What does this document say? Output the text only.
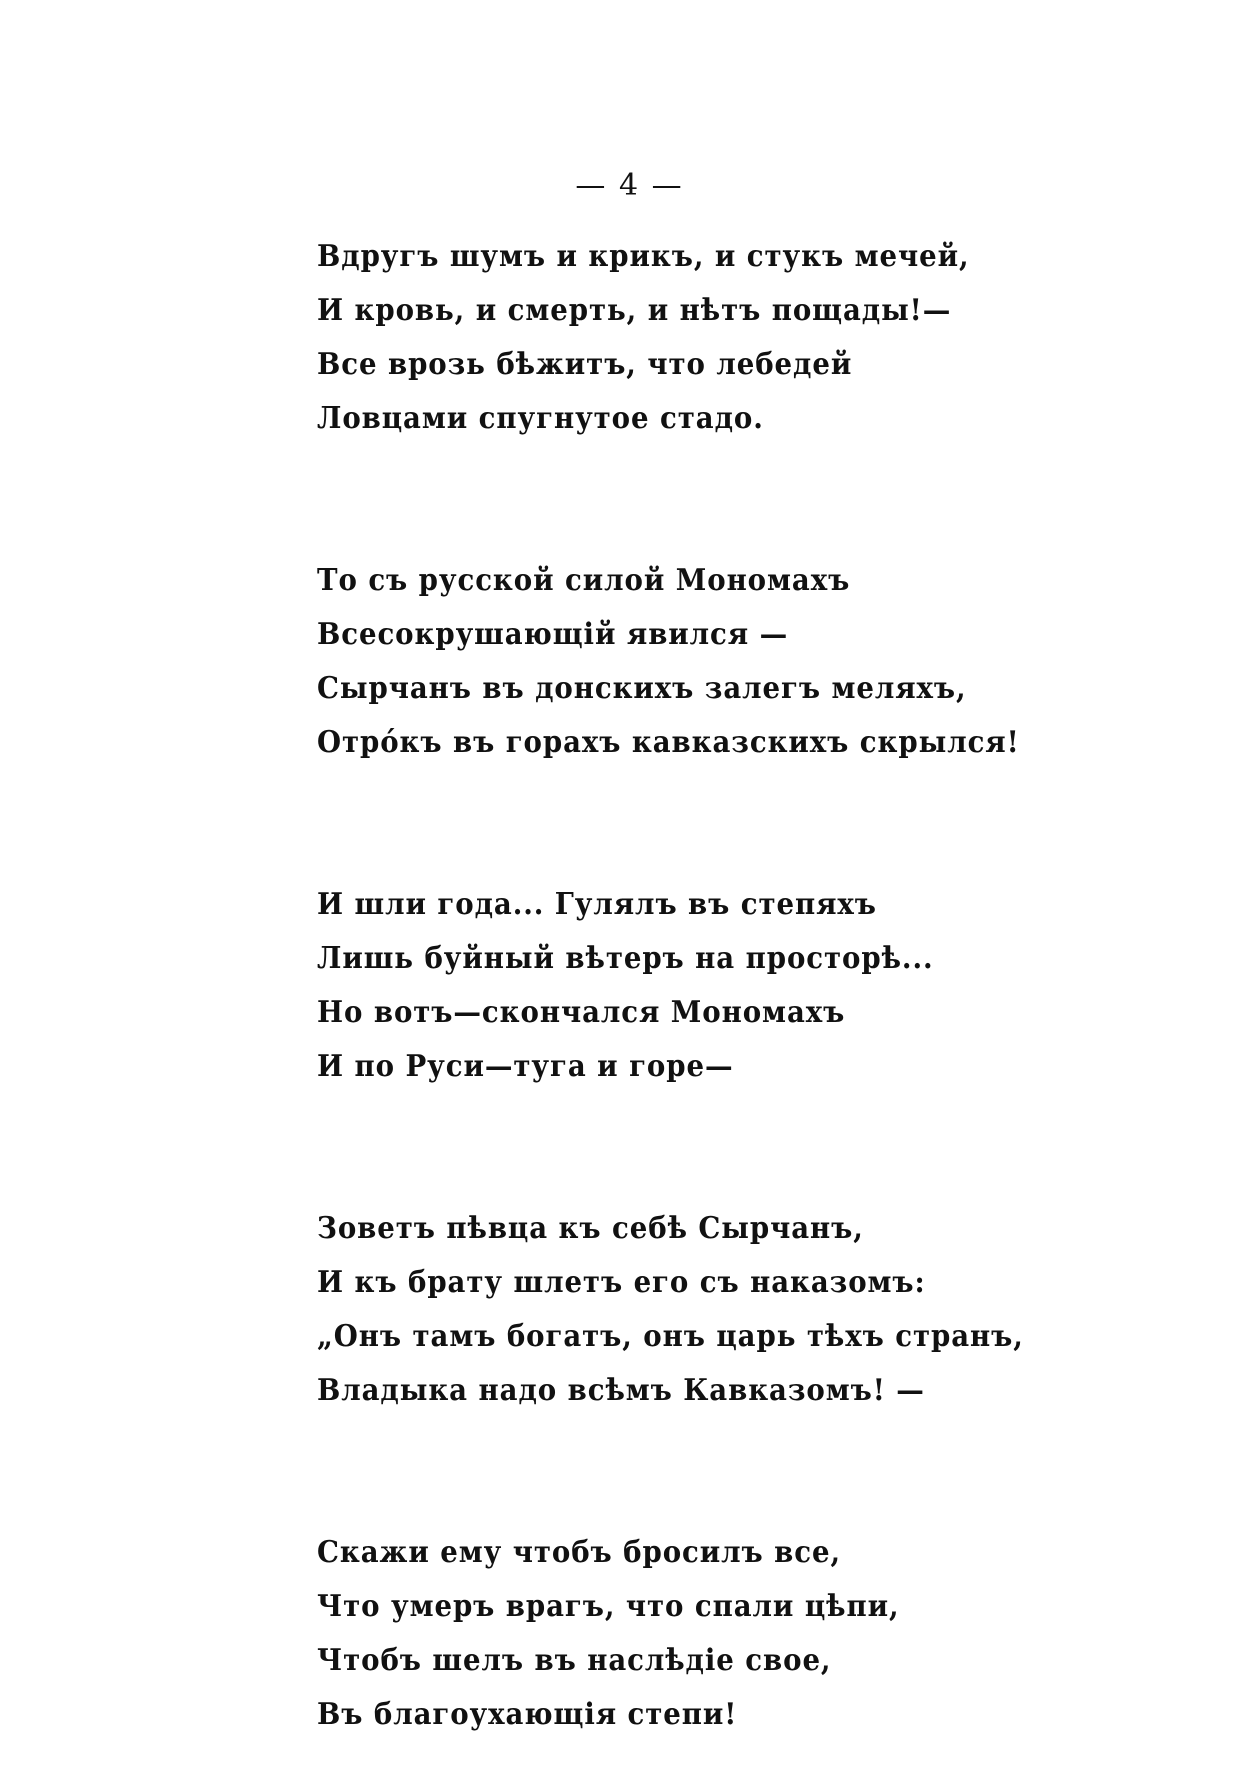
— 4 —
Вдругъ шумъ и крикъ, и стукъ мечей,
И кровь, и смерть, и нѣтъ пощады!—
Все врозь бѣжитъ, что лебедей
Ловцами спугнутое стадо.
То съ русской силой Мономахъ
Всесокрушающій явился —
Сырчанъ въ донскихъ залегъ меляхъ,
Отрóкъ въ горахъ кавказскихъ скрылся!
И шли года... Гулялъ въ степяхъ
Лишь буйный вѣтеръ на просторѣ...
Но вотъ—скончался Мономахъ
И по Руси—туга и горе—
Зоветъ пѣвца къ себѣ Сырчанъ,
И къ брату шлетъ его съ наказомъ:
„Онъ тамъ богатъ, онъ царь тѣхъ странъ,
Владыка надо всѣмъ Кавказомъ! —
Скажи ему чтобъ бросилъ все,
Что умеръ врагъ, что спали цѣпи,
Чтобъ шелъ въ наслѣдіе свое,
Въ благоухающія степи!
